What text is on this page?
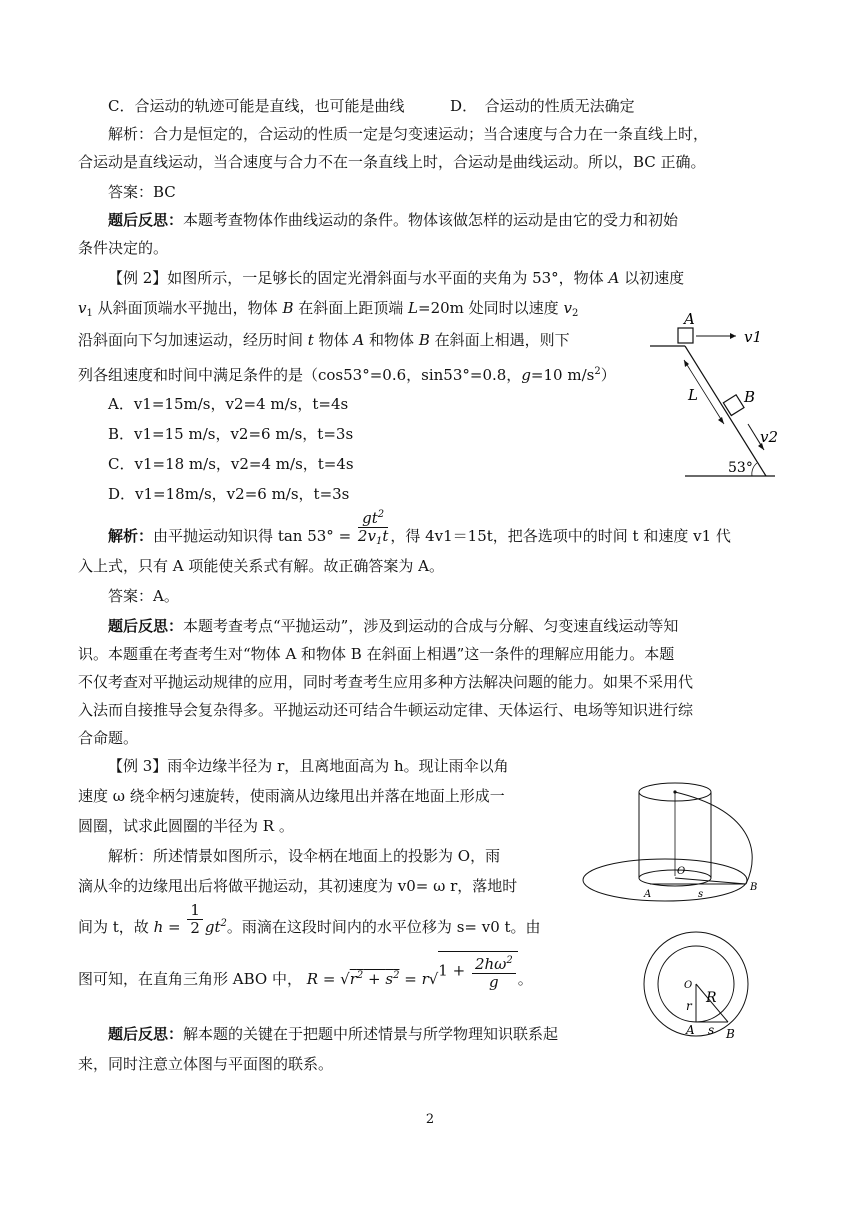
C．合运动的轨迹可能是直线，也可能是曲线	D．　合运动的性质无法确定
解析：合力是恒定的，合运动的性质一定是匀变速运动；当合速度与合力在一条直线上时，
合运动是直线运动，当合速度与合力不在一条直线上时，合运动是曲线运动。所以，BC 正确。
答案：BC
题后反思：本题考查物体作曲线运动的条件。物体该做怎样的运动是由它的受力和初始
条件决定的。
【例 2】如图所示，一足够长的固定光滑斜面与水平面的夹角为 53°，物体 A 以初速度
$v_1$ 从斜面顶端水平抛出，物体 B 在斜面上距顶端 L=20m 处同时以速度 $v_2$
沿斜面向下匀加速运动，经历时间 t 物体 A 和物体 B 在斜面上相遇，则下
列各组速度和时间中满足条件的是（cos53°=0.6，sin53°=0.8，g=10 $m/s^2$）
A．v1=15m/s，v2=4 m/s，t=4s
B．v1=15 m/s，v2=6 m/s，t=3s
C．v1=18 m/s，v2=4 m/s，t=4s
D．v1=18m/s，v2=6 m/s，t=3s
A
v1
L	B
v2
53°
解析：由平抛运动知识得 $\tan 53^\circ = \frac{gt^2}{2v_1t}$ ，得 4v1＝15t，把各选项中的时间 t 和速度 v1 代
入上式，只有 A 项能使关系式有解。故正确答案为 A。
答案：A。
题后反思：本题考查考点“平抛运动”，涉及到运动的合成与分解、匀变速直线运动等知
识。本题重在考查考生对“物体 A 和物体 B 在斜面上相遇”这一条件的理解应用能力。本题
不仅考查对平抛运动规律的应用，同时考查考生应用多种方法解决问题的能力。如果不采用代
入法而自接推导会复杂得多。平抛运动还可结合牛顿运动定律、天体运行、电场等知识进行综
合命题。
【例 3】雨伞边缘半径为 r，且离地面高为 h。现让雨伞以角
速度 ω 绕伞柄匀速旋转，使雨滴从边缘甩出并落在地面上形成一
圆圈，试求此圆圈的半径为 R 。
解析：所述情景如图所示，设伞柄在地面上的投影为 O，雨
滴从伞的边缘甩出后将做平抛运动，其初速度为 v0= ω r，落地时
间为 t，故 $h = \frac{1}{2} gt^2$。雨滴在这段时间内的水平位移为 s= v0 t。由
图可知，在直角三角形 ABO 中， $R = √r^2 + s^2 = r√1 + \frac{2h\omega^2}{g}$ 。
题后反思：解本题的关键在于把题中所述情景与所学物理知识联系起
来，同时注意立体图与平面图的联系。
O
A
B
s
O
r R
A s B
2
